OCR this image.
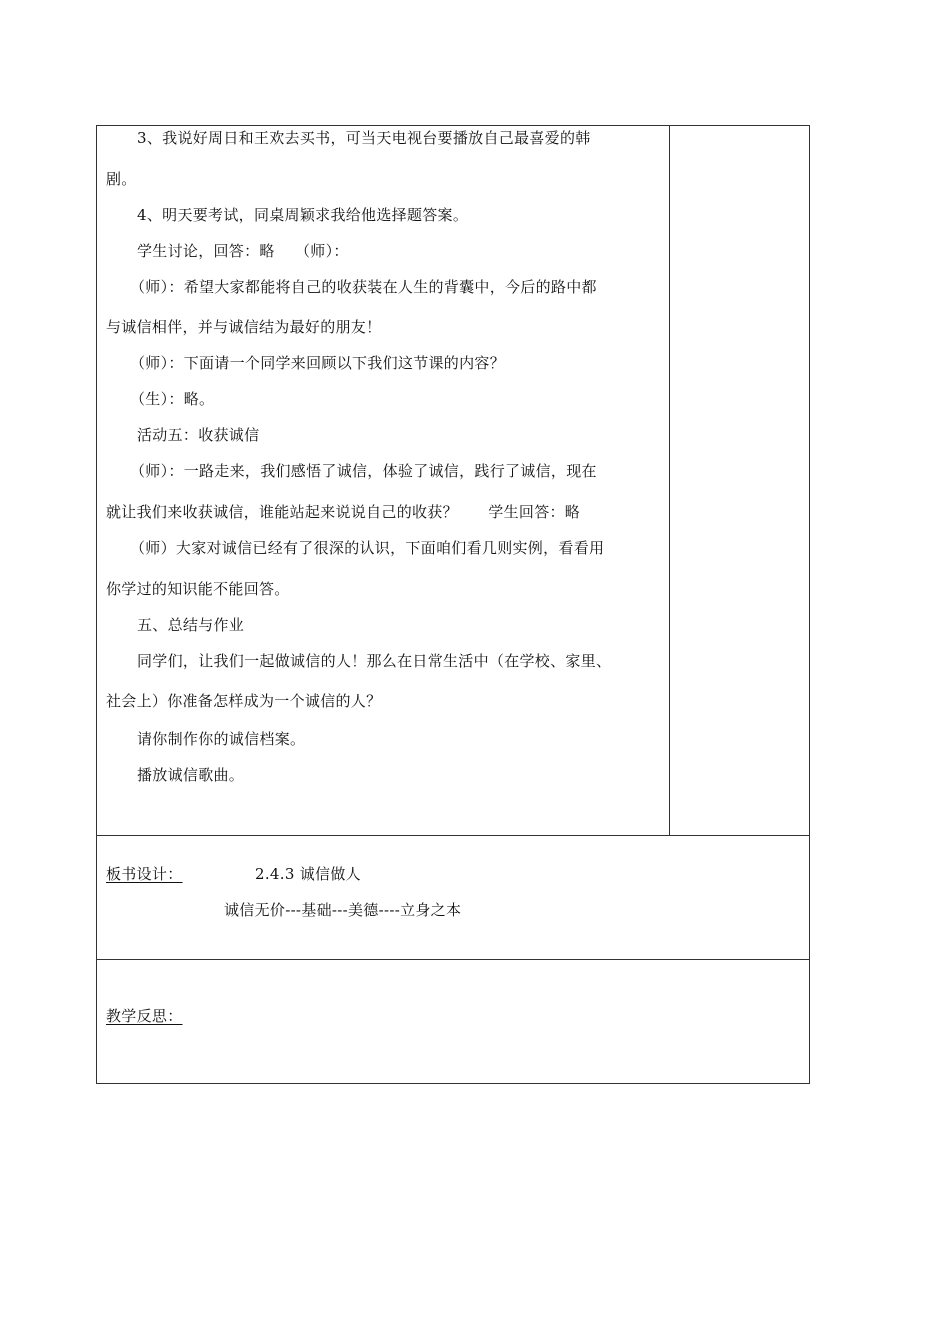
3、我说好周日和王欢去买书，可当天电视台要播放自己最喜爱的韩
剧。
4、明天要考试，同桌周颖求我给他选择题答案。
学生讨论，回答：略    （师）：
（师）：希望大家都能将自己的收获装在人生的背囊中，今后的路中都
与诚信相伴，并与诚信结为最好的朋友！
（师）：下面请一个同学来回顾以下我们这节课的内容？
（生）：略。
活动五：收获诚信
（师）：一路走来，我们感悟了诚信，体验了诚信，践行了诚信，现在
就让我们来收获诚信，谁能站起来说说自己的收获？      学生回答：略
（师）大家对诚信已经有了很深的认识，下面咱们看几则实例，看看用
你学过的知识能不能回答。
五、总结与作业
同学们，让我们一起做诚信的人！那么在日常生活中（在学校、家里、
社会上）你准备怎样成为一个诚信的人？
请你制作你的诚信档案。
播放诚信歌曲。
板书设计：	2.4.3 诚信做人
诚信无价---基础---美德----立身之本
教学反思：
